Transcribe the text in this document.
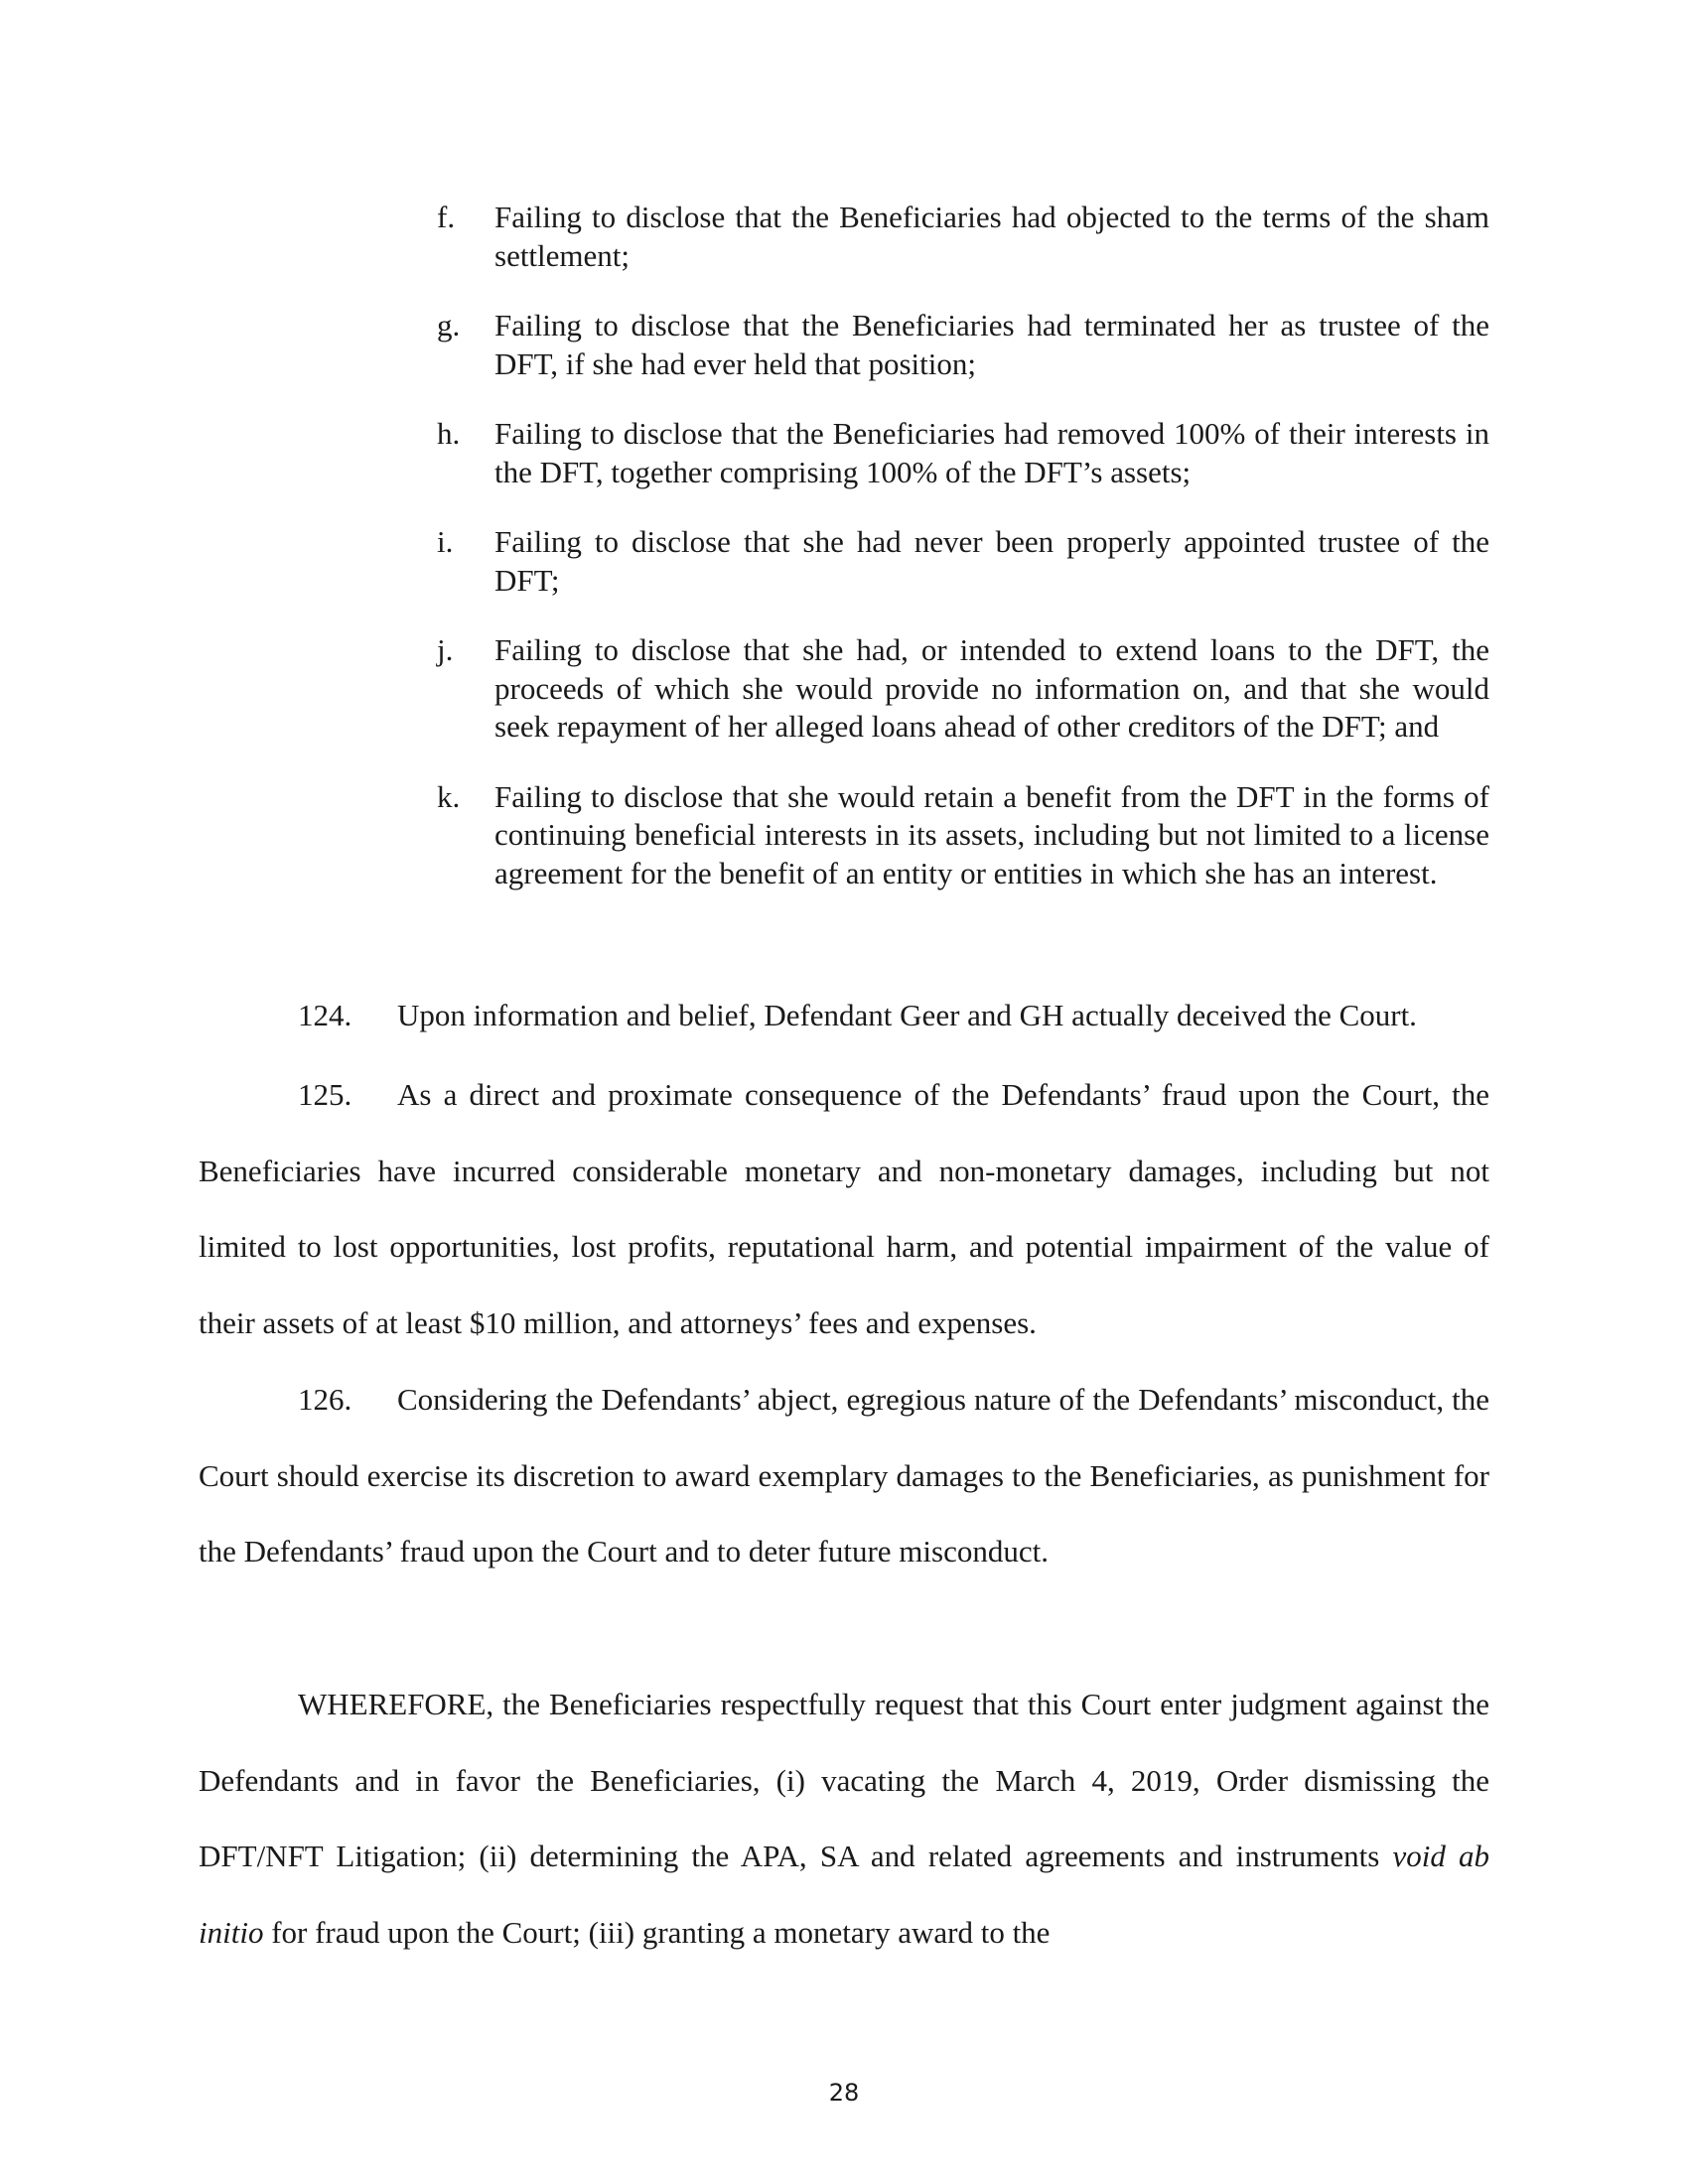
f.	Failing to disclose that the Beneficiaries had objected to the terms of the sham settlement;
g.	Failing to disclose that the Beneficiaries had terminated her as trustee of the DFT, if she had ever held that position;
h.	Failing to disclose that the Beneficiaries had removed 100% of their interests in the DFT, together comprising 100% of the DFT’s assets;
i.	Failing to disclose that she had never been properly appointed trustee of the DFT;
j.	Failing to disclose that she had, or intended to extend loans to the DFT, the proceeds of which she would provide no information on, and that she would seek repayment of her alleged loans ahead of other creditors of the DFT; and
k.	Failing to disclose that she would retain a benefit from the DFT in the forms of continuing beneficial interests in its assets, including but not limited to a license agreement for the benefit of an entity or entities in which she has an interest.
124. Upon information and belief, Defendant Geer and GH actually deceived the Court.
125. As a direct and proximate consequence of the Defendants’ fraud upon the Court, the Beneficiaries have incurred considerable monetary and non-monetary damages, including but not limited to lost opportunities, lost profits, reputational harm, and potential impairment of the value of their assets of at least $10 million, and attorneys’ fees and expenses.
126. Considering the Defendants’ abject, egregious nature of the Defendants’ misconduct, the Court should exercise its discretion to award exemplary damages to the Beneficiaries, as punishment for the Defendants’ fraud upon the Court and to deter future misconduct.
WHEREFORE, the Beneficiaries respectfully request that this Court enter judgment against the Defendants and in favor the Beneficiaries, (i) vacating the March 4, 2019, Order dismissing the DFT/NFT Litigation; (ii) determining the APA, SA and related agreements and instruments void ab initio for fraud upon the Court; (iii) granting a monetary award to the
28
